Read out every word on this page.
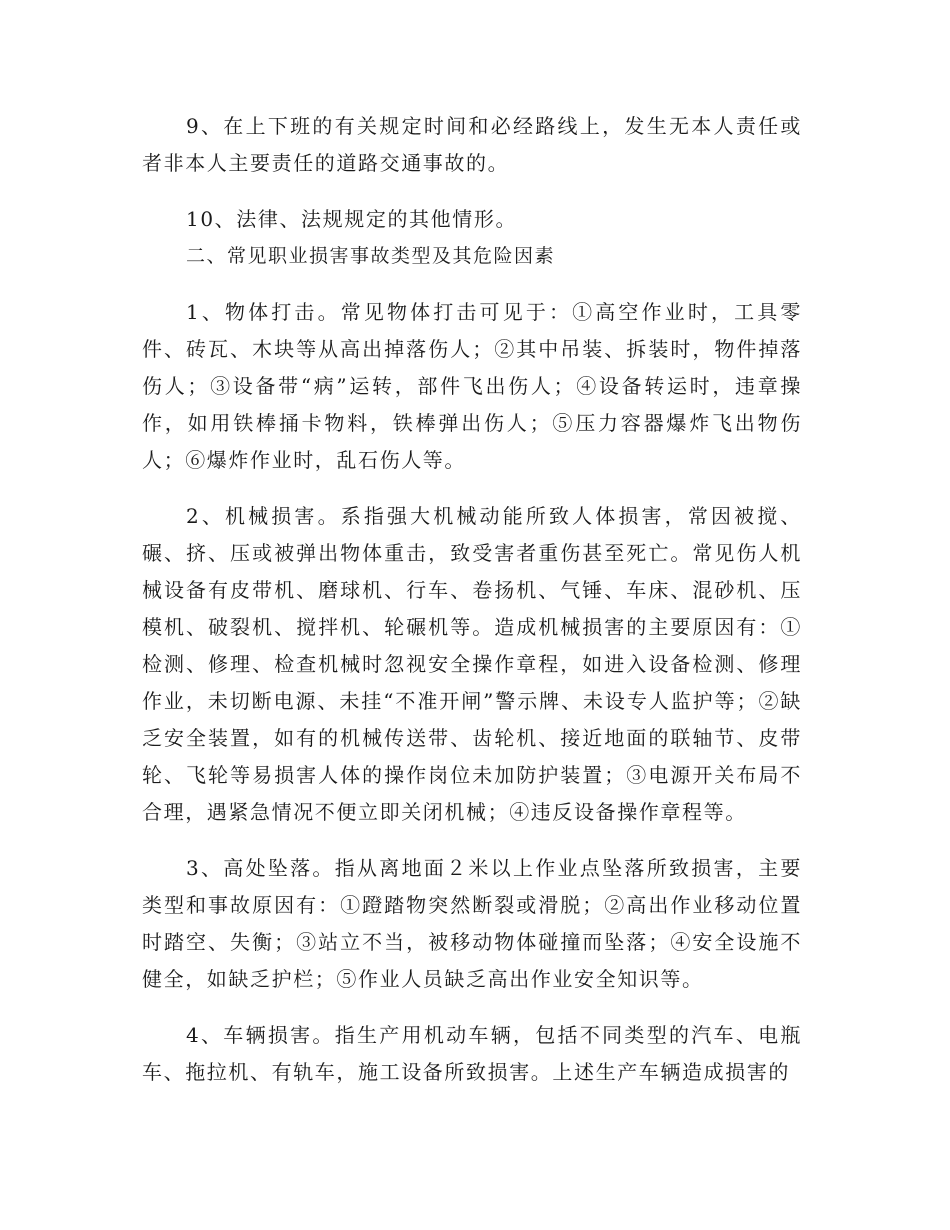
9、在上下班的有关规定时间和必经路线上，发生无本人责任或者非本人主要责任的道路交通事故的。

10、法律、法规规定的其他情形。

二、常见职业损害事故类型及其危险因素

1、物体打击。常见物体打击可见于：①高空作业时，工具零件、砖瓦、木块等从高出掉落伤人；②其中吊装、拆装时，物件掉落伤人；③设备带“病”运转，部件飞出伤人；④设备转运时，违章操作，如用铁棒捅卡物料，铁棒弹出伤人；⑤压力容器爆炸飞出物伤人；⑥爆炸作业时，乱石伤人等。

2、机械损害。系指强大机械动能所致人体损害，常因被搅、碾、挤、压或被弹出物体重击，致受害者重伤甚至死亡。常见伤人机械设备有皮带机、磨球机、行车、卷扬机、气锤、车床、混砂机、压模机、破裂机、搅拌机、轮碾机等。造成机械损害的主要原因有：①检测、修理、检查机械时忽视安全操作章程，如进入设备检测、修理作业，未切断电源、未挂“不准开闸”警示牌、未设专人监护等；②缺乏安全装置，如有的机械传送带、齿轮机、接近地面的联轴节、皮带轮、飞轮等易损害人体的操作岗位未加防护装置；③电源开关布局不合理，遇紧急情况不便立即关闭机械；④违反设备操作章程等。

3、高处坠落。指从离地面２米以上作业点坠落所致损害，主要类型和事故原因有：①蹬踏物突然断裂或滑脱；②高出作业移动位置时踏空、失衡；③站立不当，被移动物体碰撞而坠落；④安全设施不健全，如缺乏护栏；⑤作业人员缺乏高出作业安全知识等。

4、车辆损害。指生产用机动车辆，包括不同类型的汽车、电瓶车、拖拉机、有轨车，施工设备所致损害。上述生产车辆造成损害的
